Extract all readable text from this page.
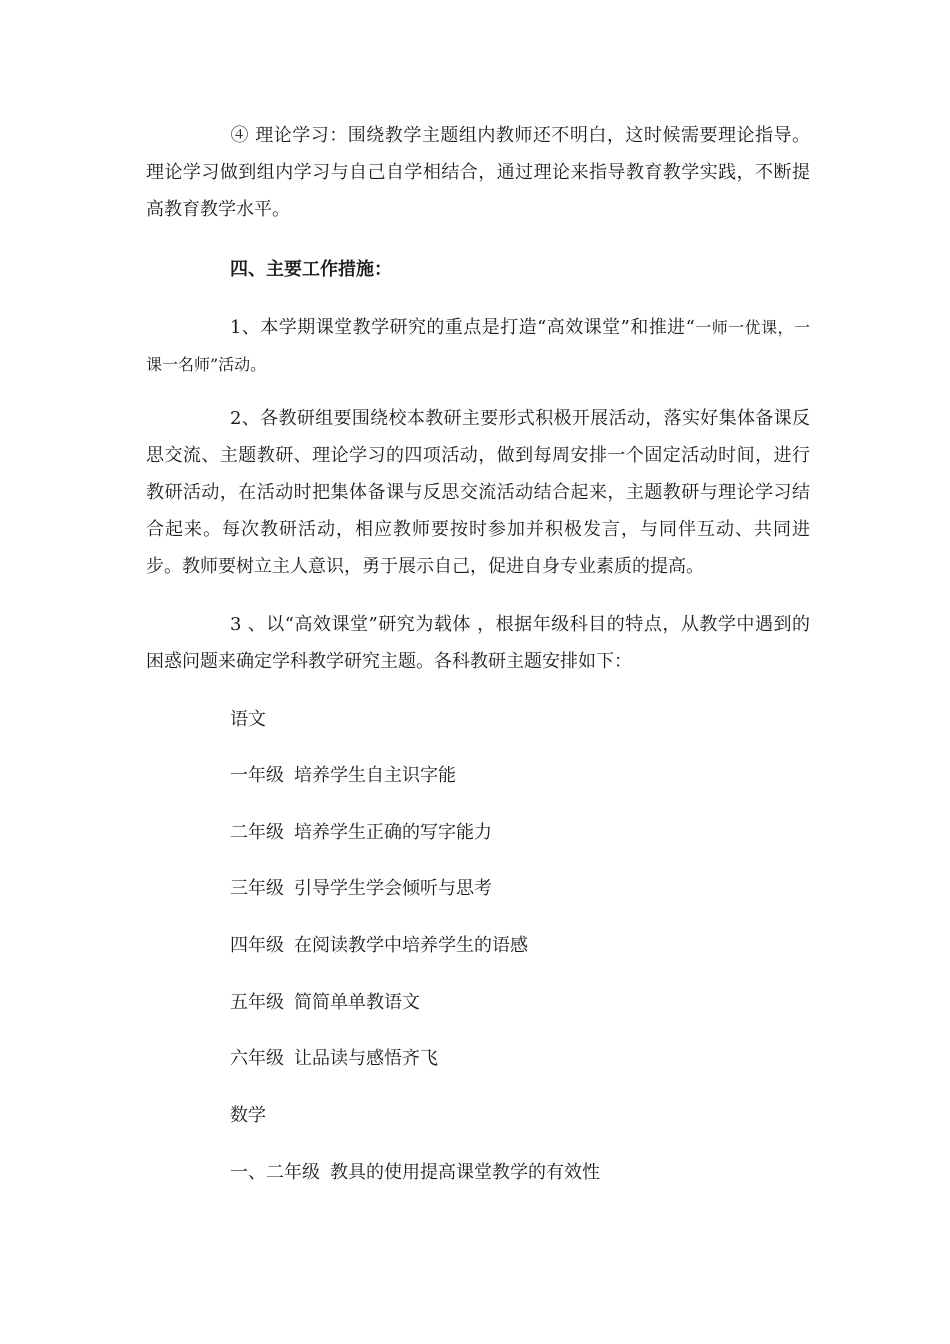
④ 理论学习：围绕教学主题组内教师还不明白，这时候需要理论指导。理论学习做到组内学习与自己自学相结合，通过理论来指导教育教学实践，不断提高教育教学水平。

四、主要工作措施：

1、本学期课堂教学研究的重点是打造“高效课堂”和推进“一师一优课，一课一名师”活动。

2、各教研组要围绕校本教研主要形式积极开展活动，落实好集体备课反思交流、主题教研、理论学习的四项活动，做到每周安排一个固定活动时间，进行教研活动，在活动时把集体备课与反思交流活动结合起来，主题教研与理论学习结合起来。每次教研活动，相应教师要按时参加并积极发言，与同伴互动、共同进步。教师要树立主人意识，勇于展示自己，促进自身专业素质的提高。

3 、以“高效课堂”研究为载体 ，根据年级科目的特点，从教学中遇到的困惑问题来确定学科教学研究主题。各科教研主题安排如下：

语文

一年级 培养学生自主识字能

二年级 培养学生正确的写字能力

三年级 引导学生学会倾听与思考

四年级 在阅读教学中培养学生的语感

五年级 简简单单教语文

六年级 让品读与感悟齐飞

数学

一、二年级 教具的使用提高课堂教学的有效性
